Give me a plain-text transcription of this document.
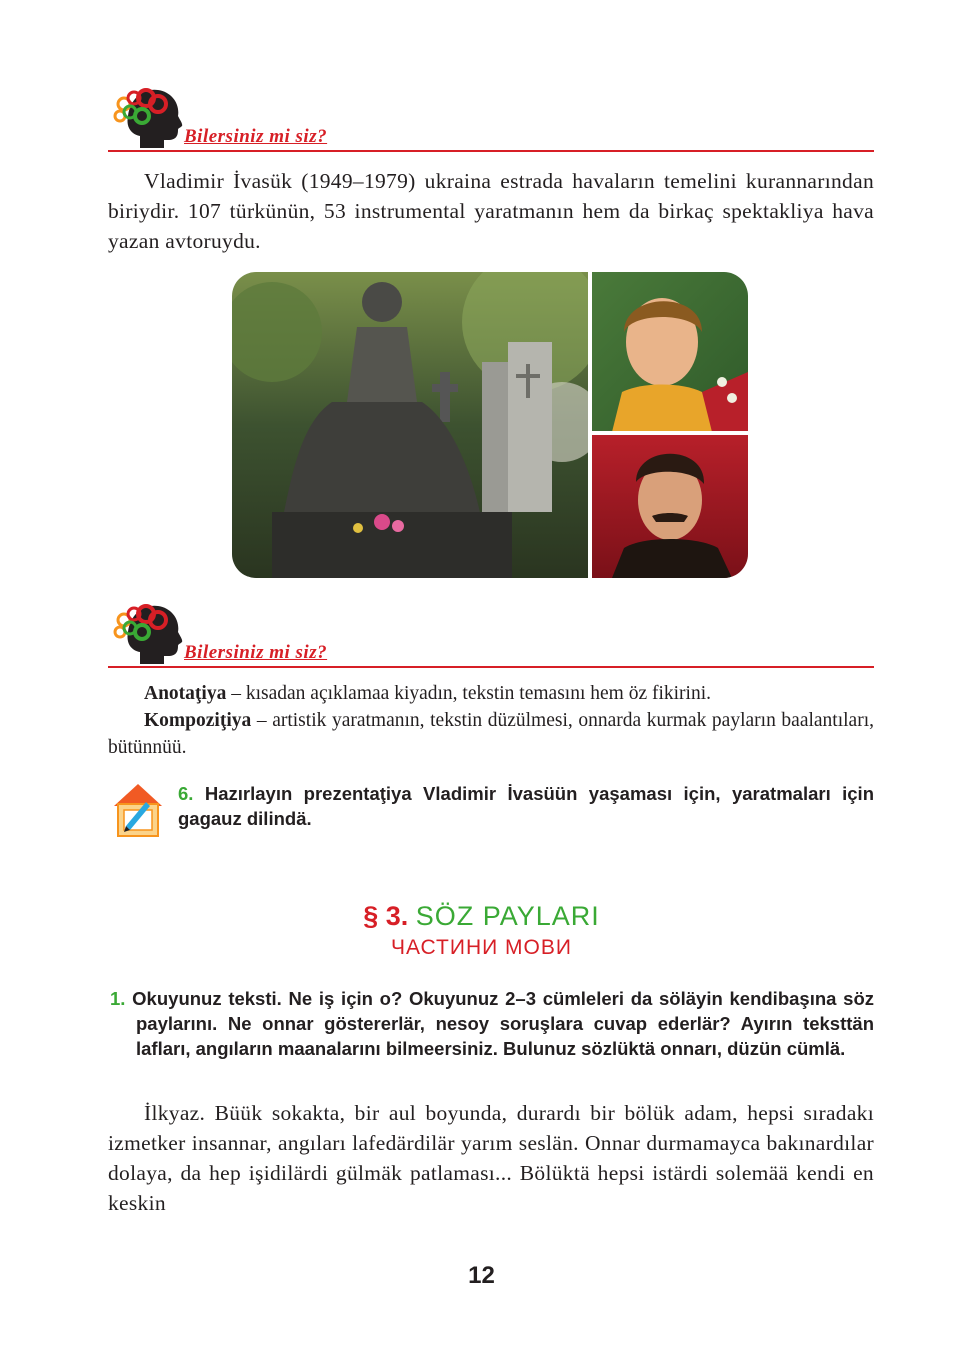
Bilersiniz mi siz?

Vladimir İvasük (1949–1979) ukraina estrada havaların temelini kurannarından biriydir. 107 türkünün, 53 instrumental yaratmanın hem da birkaç spektakliya hava yazan avtoruydu.

Bilersiniz mi siz?

Anotaţiya – kısadan açıklamaa kiyadın, tekstin temasını hem öz fikirini.

Kompoziţiya – artistik yaratmanın, tekstin düzülmesi, onnarda kurmak payların baalantıları, bütünnüü.

6. Hazırlayın prezentaţiya Vladimir İvasüün yaşaması için, yaratmaları için gagauz dilindä.

§ 3. SÖZ PAYLARI
ЧАСТИНИ МОВИ

1. Okuyunuz teksti. Ne iş için o? Okuyunuz 2–3 cümleleri da söläyin kendibaşına söz paylarını. Ne onnar göstererlär, nesoy soruşlara cuvap ederlär? Ayırın teksttän lafları, angıların maanalarını bilmeersiniz. Bulunuz sözlüktä onnarı, düzün cümlä.

İlkyaz. Büük sokakta, bir aul boyunda, durardı bir bölük adam, hepsi sıradakı izmetker insannar, angıları lafedärdilär yarım seslän. Onnar durmamayca bakınardılar dolaya, da hep işidilärdi gülmäk patlaması... Bölüktä hepsi istärdi solemää kendi en keskin

12
